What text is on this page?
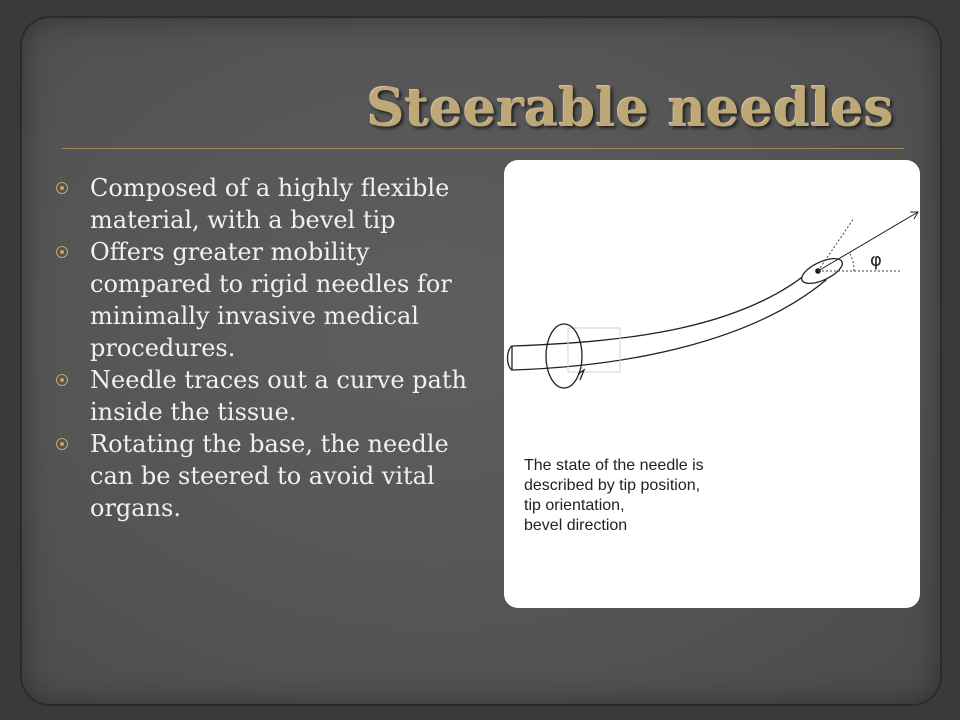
Steerable needles
Composed of a highly flexible material, with a bevel tip
Offers greater mobility compared to rigid needles for minimally invasive medical procedures.
Needle traces out a curve path inside the tissue.
Rotating the base, the needle can be steered to avoid vital organs.
φ
The state of the needle is
described by tip position,
tip orientation,
bevel direction
